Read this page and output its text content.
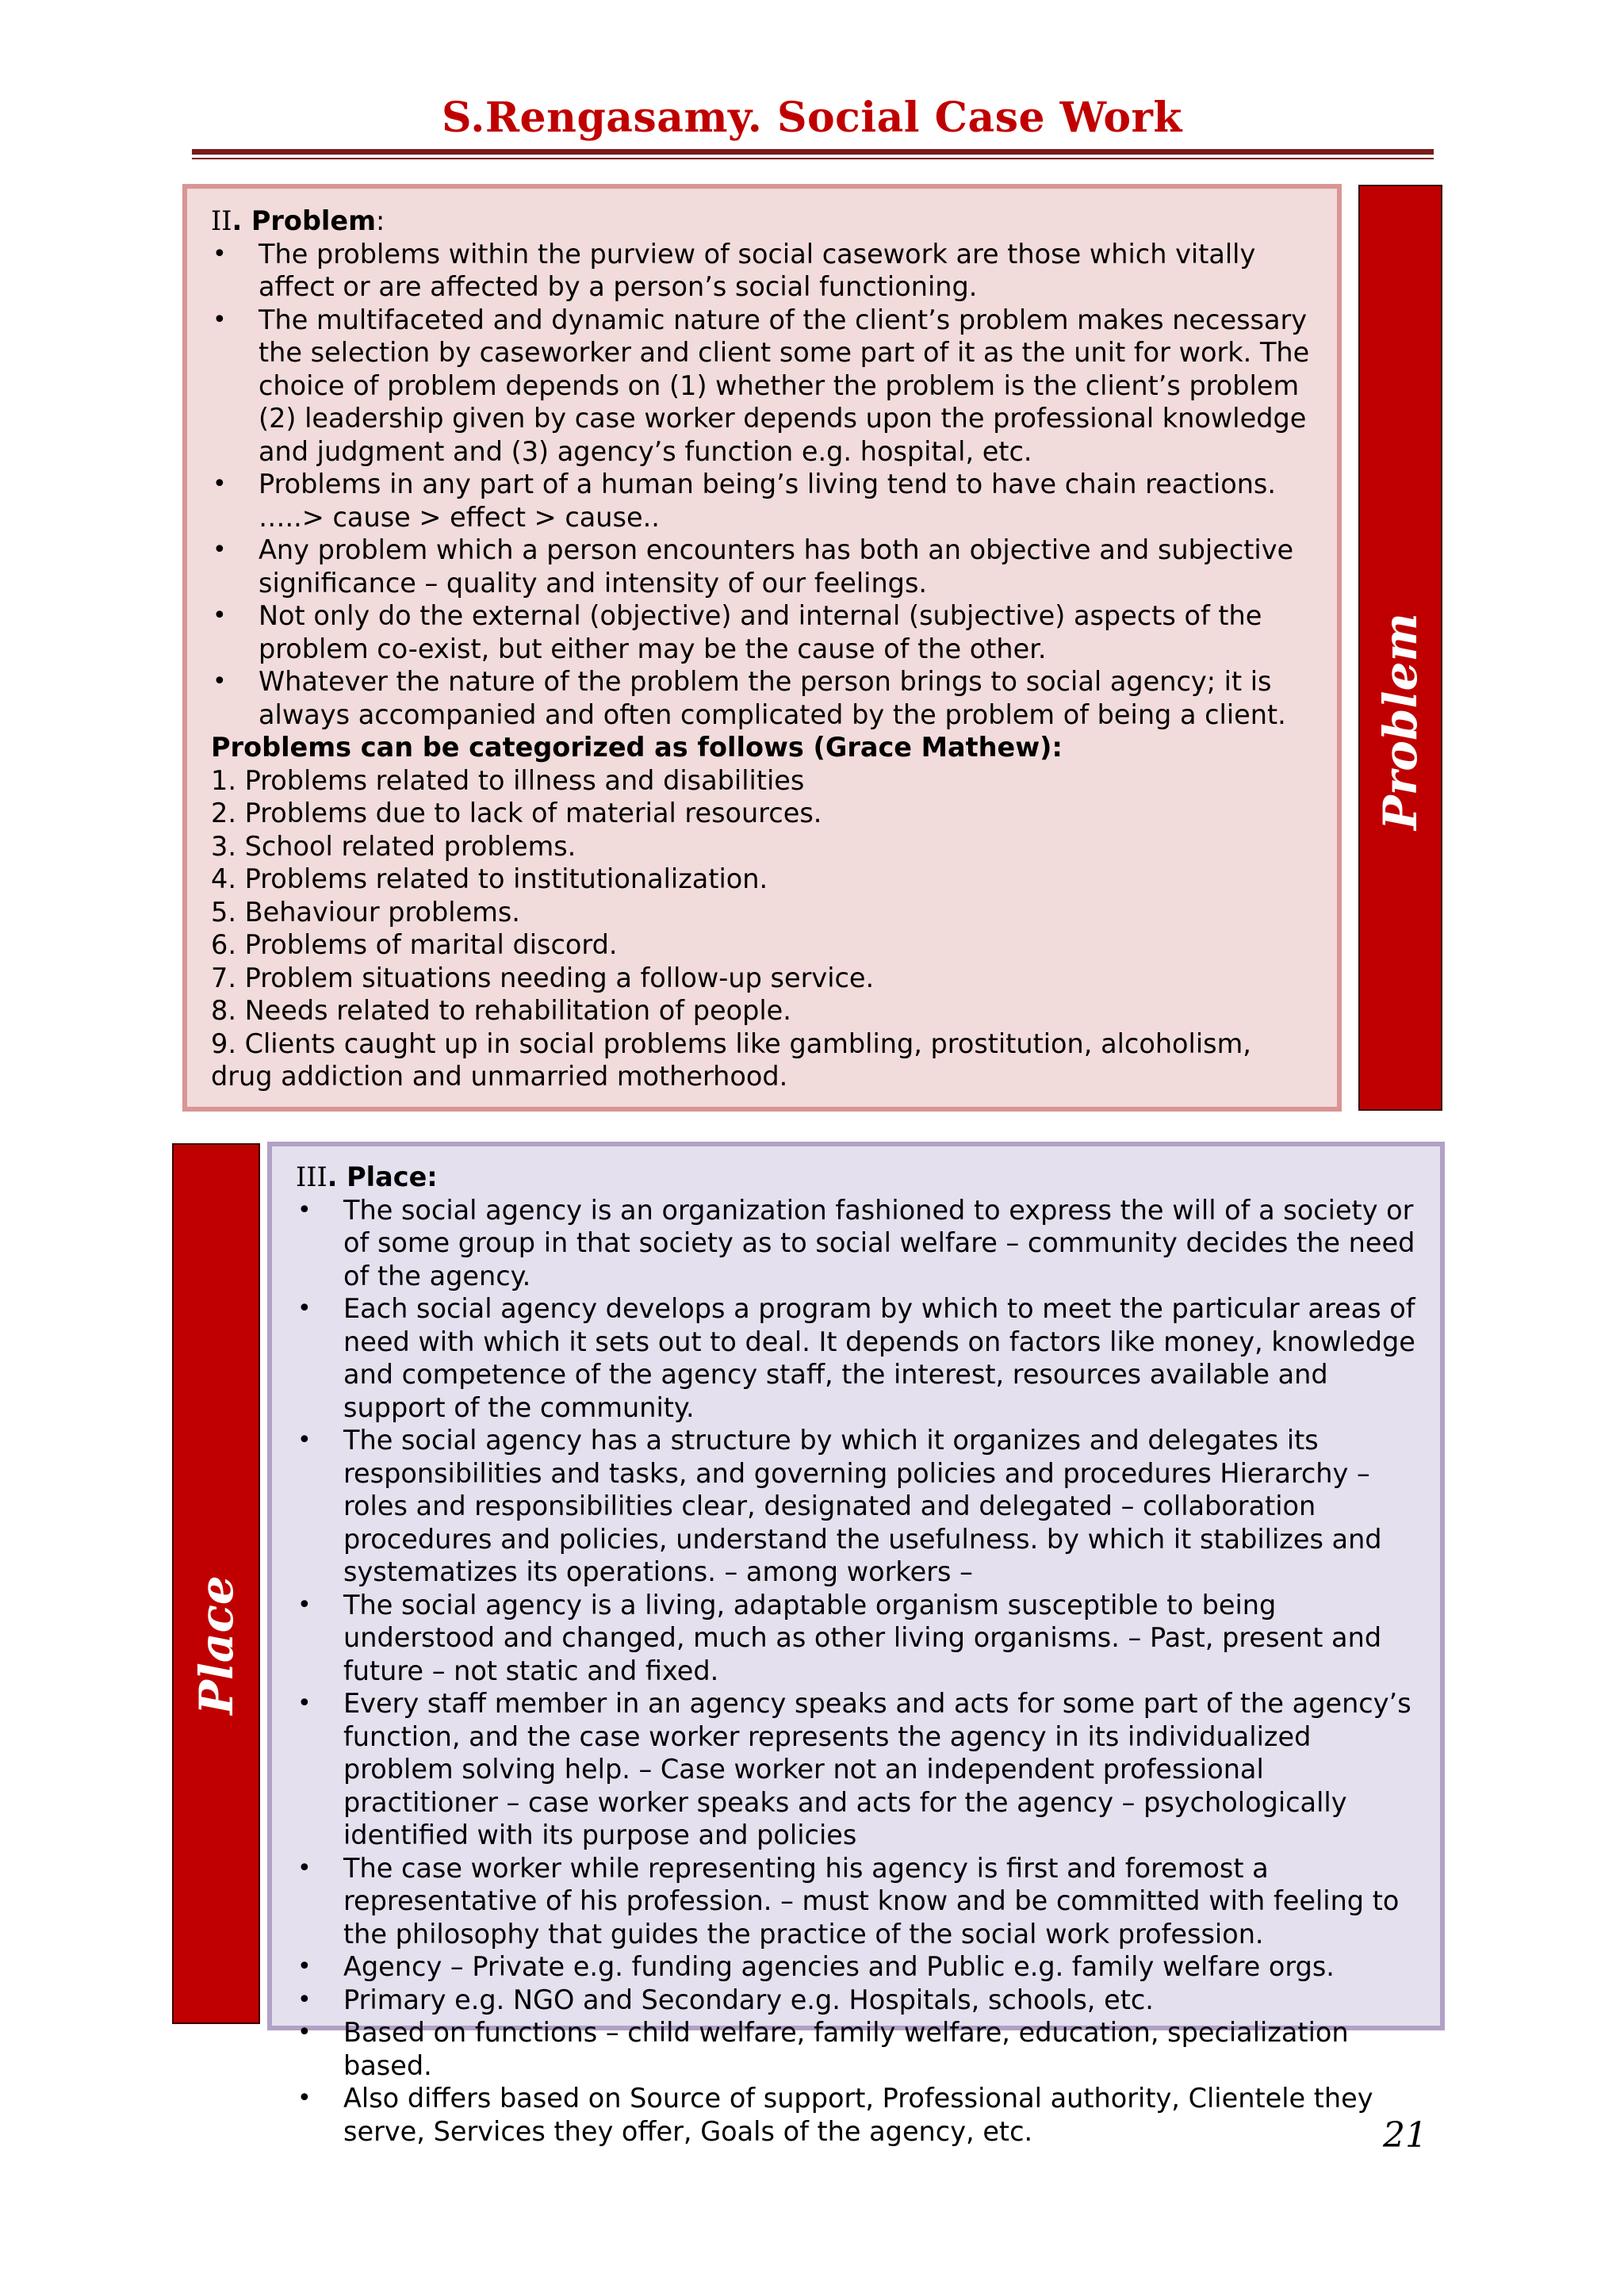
S.Rengasamy. Social Case Work

II. Problem:

• The problems within the purview of social casework are those which vitally affect or are affected by a person’s social functioning.
• The multifaceted and dynamic nature of the client’s problem makes necessary the selection by caseworker and client some part of it as the unit for work. The choice of problem depends on (1) whether the problem is the client’s problem (2) leadership given by case worker depends upon the professional knowledge and judgment and (3) agency’s function e.g. hospital, etc.
• Problems in any part of a human being’s living tend to have chain reactions. …..> cause > effect > cause..
• Any problem which a person encounters has both an objective and subjective significance – quality and intensity of our feelings.
• Not only do the external (objective) and internal (subjective) aspects of the problem co-exist, but either may be the cause of the other.
• Whatever the nature of the problem the person brings to social agency; it is always accompanied and often complicated by the problem of being a client.

Problems can be categorized as follows (Grace Mathew):

1. Problems related to illness and disabilities
2. Problems due to lack of material resources.
3. School related problems.
4. Problems related to institutionalization.
5. Behaviour problems.
6. Problems of marital discord.
7. Problem situations needing a follow-up service.
8. Needs related to rehabilitation of people.
9. Clients caught up in social problems like gambling, prostitution, alcoholism, drug addiction and unmarried motherhood.
Problem
Place

III. Place:

• The social agency is an organization fashioned to express the will of a society or of some group in that society as to social welfare – community decides the need of the agency.
• Each social agency develops a program by which to meet the particular areas of need with which it sets out to deal. It depends on factors like money, knowledge and competence of the agency staff, the interest, resources available and support of the community.
• The social agency has a structure by which it organizes and delegates its responsibilities and tasks, and governing policies and procedures Hierarchy – roles and responsibilities clear, designated and delegated – collaboration procedures and policies, understand the usefulness. by which it stabilizes and systematizes its operations. – among workers –
• The social agency is a living, adaptable organism susceptible to being understood and changed, much as other living organisms. – Past, present and future – not static and fixed.
• Every staff member in an agency speaks and acts for some part of the agency’s function, and the case worker represents the agency in its individualized problem solving help. – Case worker not an independent professional practitioner – case worker speaks and acts for the agency – psychologically identified with its purpose and policies
• The case worker while representing his agency is first and foremost a representative of his profession. – must know and be committed with feeling to the philosophy that guides the practice of the social work profession.
• Agency – Private e.g. funding agencies and Public e.g. family welfare orgs.
• Primary e.g. NGO and Secondary e.g. Hospitals, schools, etc.
• Based on functions – child welfare, family welfare, education, specialization based.
• Also differs based on Source of support, Professional authority, Clientele they serve, Services they offer, Goals of the agency, etc.	21
